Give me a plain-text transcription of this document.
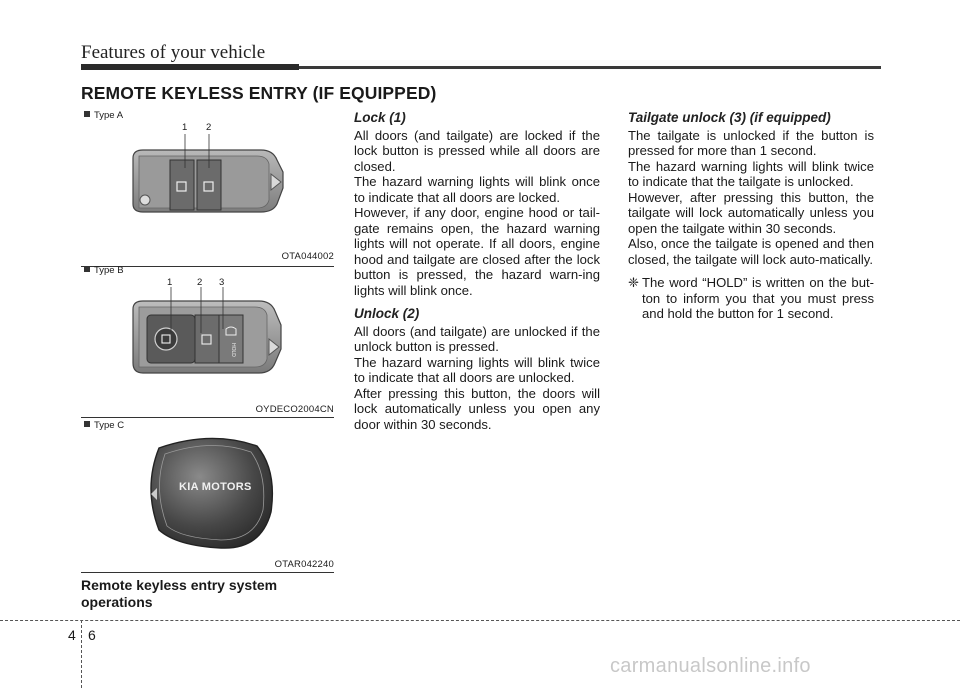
Features of your vehicle
REMOTE KEYLESS ENTRY (IF EQUIPPED)
Type A
1 2
OTA044002
Type B
1	2 3
HOLD
OYDECO2004CN
Type C
KIA MOTORS
OTAR042240
Remote keyless entry system operations
Lock (1)

All doors (and tailgate) are locked if the lock button is pressed while all doors are closed.

The hazard warning lights will blink once to indicate that all doors are locked.

However, if any door, engine hood or tail-gate remains open, the hazard warning lights will not operate. If all doors, engine hood and tailgate are closed after the lock button is pressed, the hazard warn-ing lights will blink once.

Unlock (2)

All doors (and tailgate) are unlocked if the unlock button is pressed.

The hazard warning lights will blink twice to indicate that all doors are unlocked.

After pressing this button, the doors will lock automatically unless you open any door within 30 seconds.

Tailgate unlock (3) (if equipped)

The tailgate is unlocked if the button is pressed for more than 1 second.

The hazard warning lights will blink twice to indicate that the tailgate is unlocked.

However, after pressing this button, the tailgate will lock automatically unless you open the tailgate within 30 seconds.

Also, once the tailgate is opened and then closed, the tailgate will lock auto-matically.

❈ The word “HOLD” is written on the but-ton to inform you that you must press and hold the button for 1 second.
4 6
carmanualsonline.info
